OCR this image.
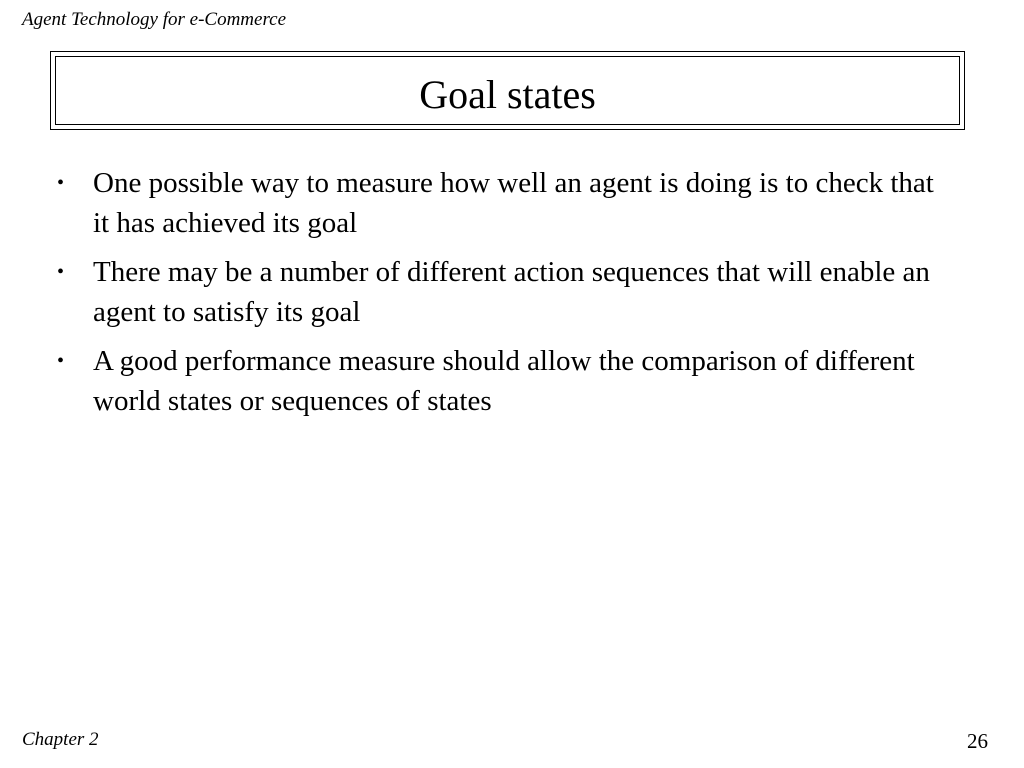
Agent Technology for e-Commerce
Goal states
• One possible way to measure how well an agent is doing is to check that it has achieved its goal
• There may be a number of different action sequences that will enable an agent to satisfy its goal
• A good performance measure should allow the comparison of different world states or sequences of states
Chapter 2	26
